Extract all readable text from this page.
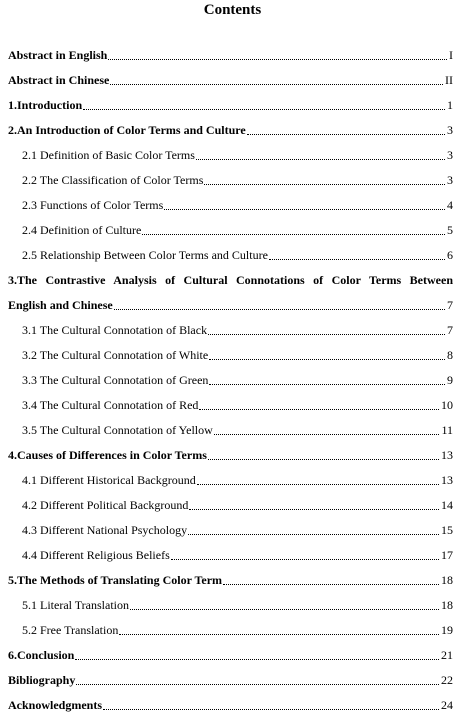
Contents
Abstract in English	I
Abstract in Chinese	II
1.Introduction	1
2.An Introduction of Color Terms and Culture	3
2.1 Definition of Basic Color Terms	3
2.2 The Classification of Color Terms	3
2.3 Functions of Color Terms	4
2.4 Definition of Culture	5
2.5 Relationship Between Color Terms and Culture	6
3.The Contrastive Analysis of Cultural Connotations of Color Terms Between
English and Chinese	7
3.1 The Cultural Connotation of Black	7
3.2 The Cultural Connotation of White	8
3.3 The Cultural Connotation of Green	9
3.4 The Cultural Connotation of Red	10
3.5 The Cultural Connotation of Yellow	11
4.Causes of Differences in Color Terms	13
4.1 Different Historical Background	13
4.2 Different Political Background	14
4.3 Different National Psychology	15
4.4 Different Religious Beliefs	17
5.The Methods of Translating Color Term	18
5.1 Literal Translation	18
5.2 Free Translation	19
6.Conclusion	21
Bibliography	22
Acknowledgments	24
